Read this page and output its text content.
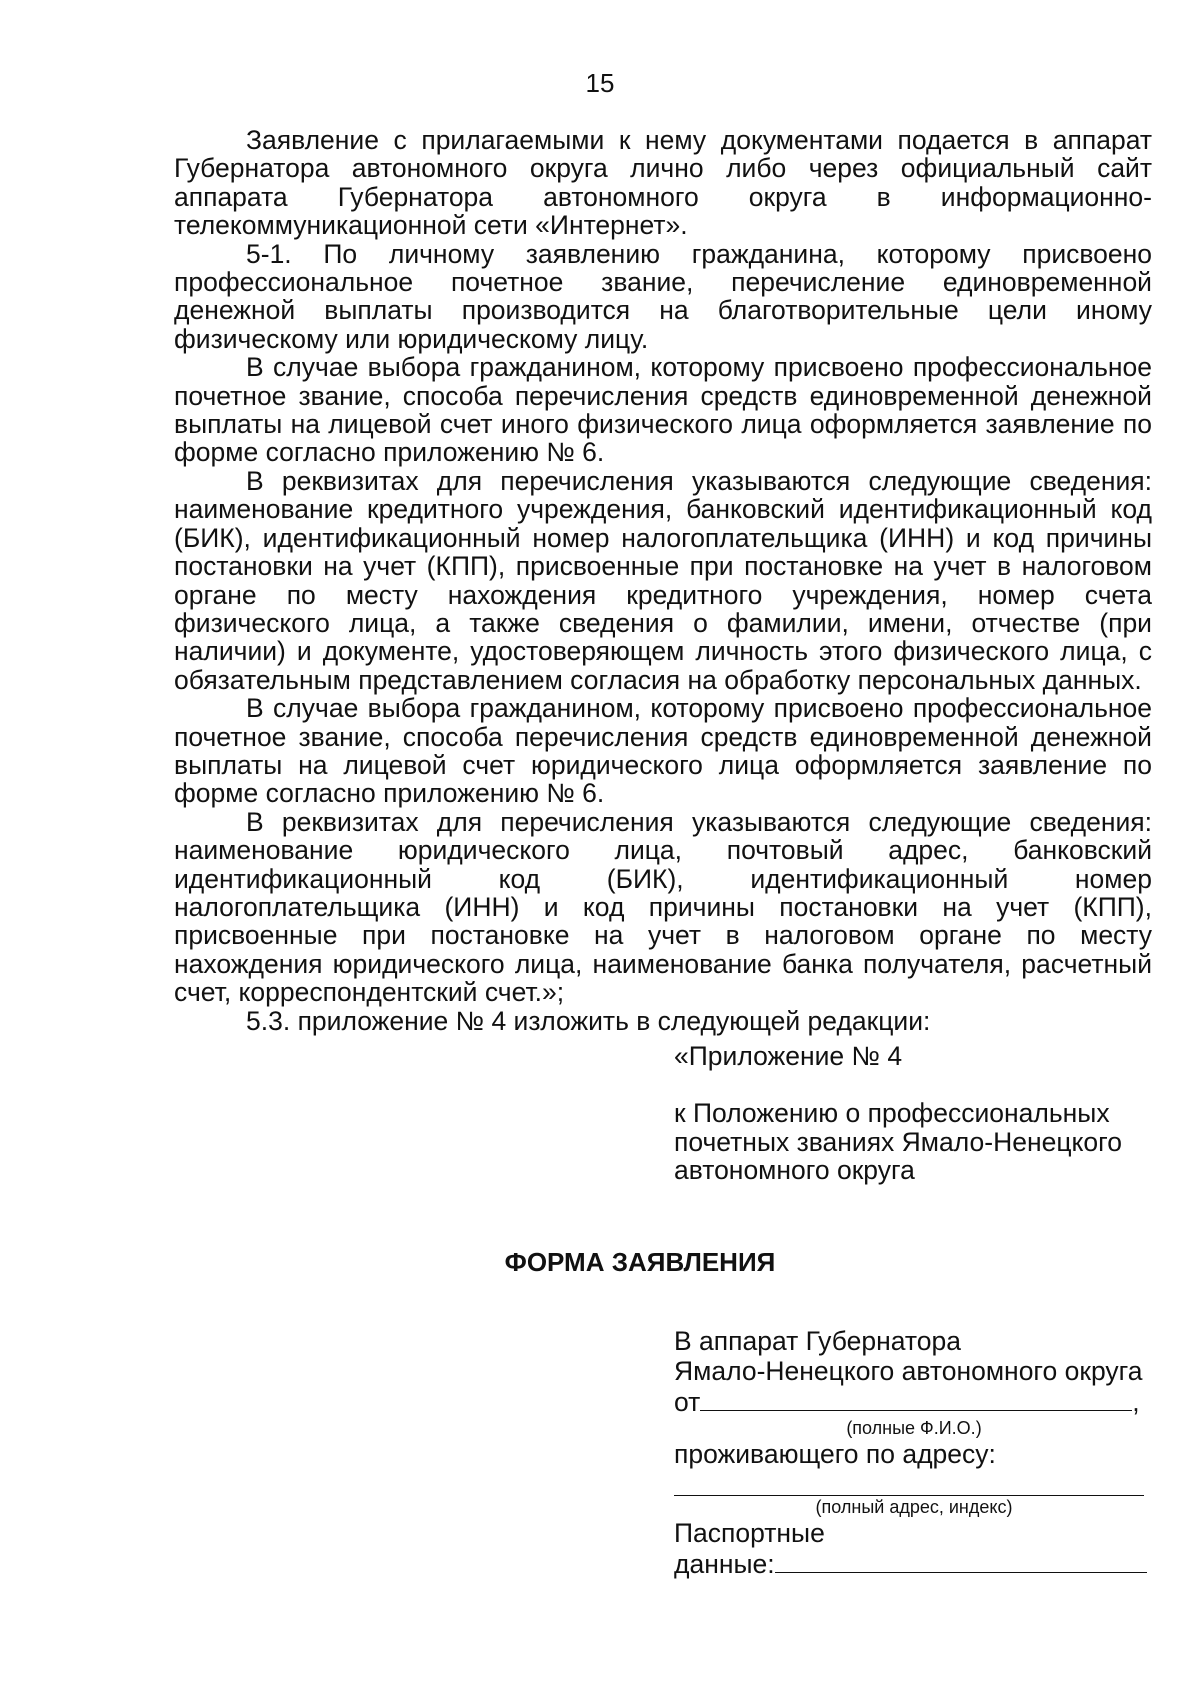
15

Заявление с прилагаемыми к нему документами подается в аппарат Губернатора автономного округа лично либо через официальный сайт аппарата Губернатора автономного округа в информационно-телекоммуникационной сети «Интернет».

5-1. По личному заявлению гражданина, которому присвоено профессиональное почетное звание, перечисление единовременной денежной выплаты производится на благотворительные цели иному физическому или юридическому лицу.

В случае выбора гражданином, которому присвоено профессиональное почетное звание, способа перечисления средств единовременной денежной выплаты на лицевой счет иного физического лица оформляется заявление по форме согласно приложению № 6.

В реквизитах для перечисления указываются следующие сведения: наименование кредитного учреждения, банковский идентификационный код (БИК), идентификационный номер налогоплательщика (ИНН) и код причины постановки на учет (КПП), присвоенные при постановке на учет в налоговом органе по месту нахождения кредитного учреждения, номер счета физического лица, а также сведения о фамилии, имени, отчестве (при наличии) и документе, удостоверяющем личность этого физического лица, с обязательным представлением согласия на обработку персональных данных.

В случае выбора гражданином, которому присвоено профессиональное почетное звание, способа перечисления средств единовременной денежной выплаты на лицевой счет юридического лица оформляется заявление по форме согласно приложению № 6.

В реквизитах для перечисления указываются следующие сведения: наименование юридического лица, почтовый адрес, банковский идентификационный код (БИК), идентификационный номер налогоплательщика (ИНН) и код причины постановки на учет (КПП), присвоенные при постановке на учет в налоговом органе по месту нахождения юридического лица, наименование банка получателя, расчетный счет, корреспондентский счет.»;

5.3. приложение № 4 изложить в следующей редакции:

«Приложение № 4

к Положению о профессиональных

почетных званиях Ямало-Ненецкого

автономного округа

ФОРМА ЗАЯВЛЕНИЯ

В аппарат Губернатора

Ямало-Ненецкого автономного округа

от	,

(полные Ф.И.О.)

проживающего по адресу:

(полный адрес, индекс)

Паспортные

данные:
